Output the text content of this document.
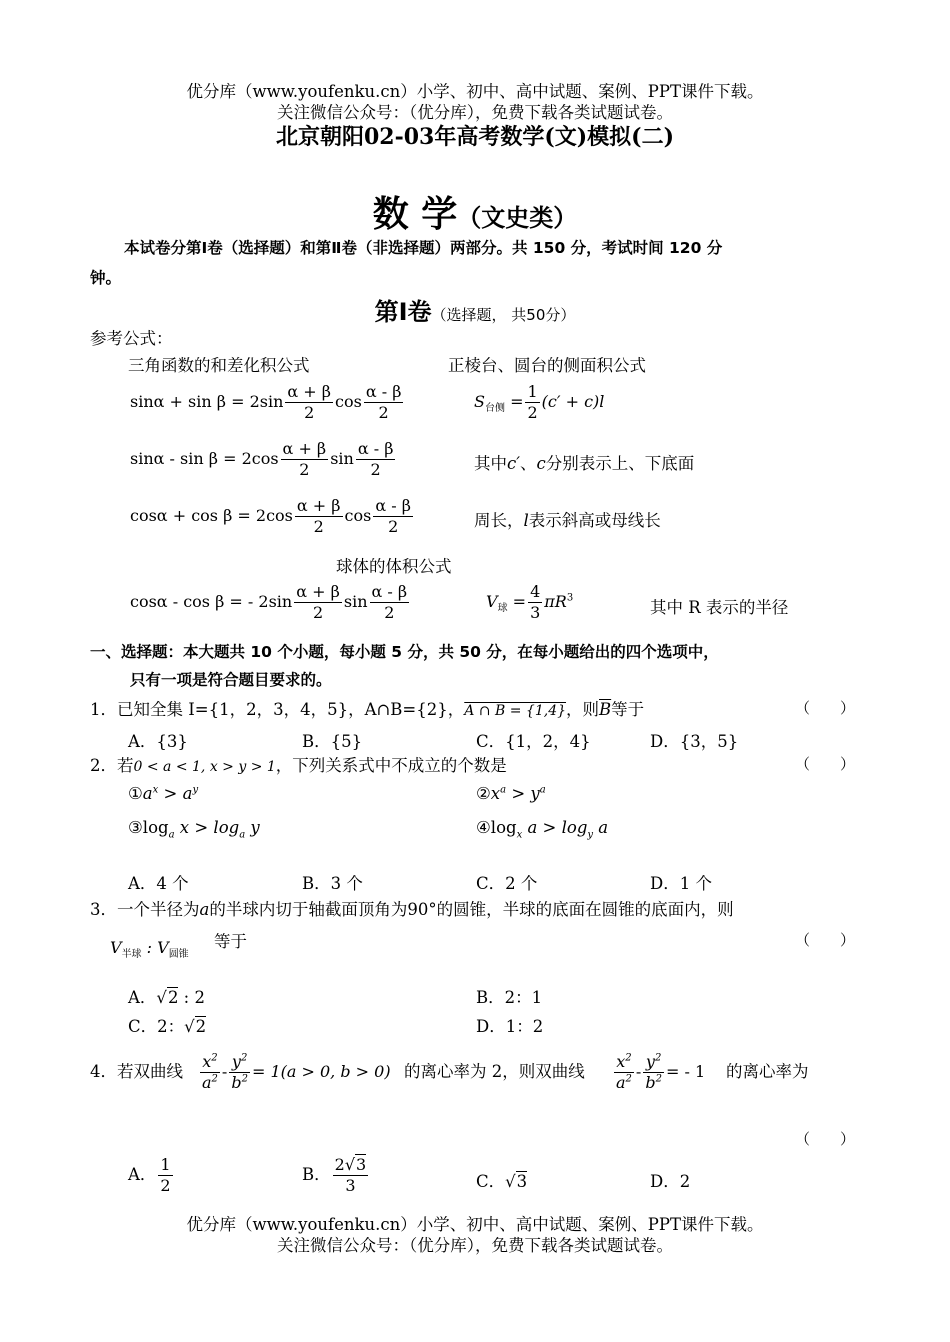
优分库（www.youfenku.cn）小学、初中、高中试题、案例、PPT课件下载。
关注微信公众号：（优分库），免费下载各类试题试卷。
北京朝阳02-03年高考数学(文)模拟(二)
数 学（文史类）
本试卷分第Ⅰ卷（选择题）和第Ⅱ卷（非选择题）两部分。共 150 分，考试时间 120 分
钟。
第Ⅰ卷（选择题， 共50分）
参考公式：
三角函数的和差化积公式	正棱台、圆台的侧面积公式
$\sin\alpha + \sin \beta = 2\sin \frac{\alpha + \beta}{2}$ $\cos \frac{\alpha - \beta}{2}$	$S_{台侧} = \frac{1}{2} (c' + c)l$
$\sin\alpha - \sin \beta = 2\cos \frac{\alpha + \beta}{2}$ $\sin \frac{\alpha - \beta}{2}$	其中c′、c分别表示上、下底面
$\cos\alpha + \cos \beta = 2\cos \frac{\alpha + \beta}{2}$ $\cos \frac{\alpha - \beta}{2}$	周长，l表示斜高或母线长
球体的体积公式
cosα - cos β = - $2\sin \frac{\alpha + \beta}{2}$ $\sin \frac{\alpha - \beta}{2}$	$V_球 = \frac{4}{3} \pi R^3$	其中 R 表示的半径
一、选择题：本大题共 10 个小题，每小题 5 分，共 50 分，在每小题给出的四个选项中，
只有一项是符合题目要求的。
1．已知全集 I={1，2，3，4，5}，A∩B={2}，A ∩ B = {1,4}，则$\overline{B}$等于	（　　）
A．{3}	B．{5}	C．{1，2，4}	D．{3，5}
2．若0 < a < 1, x > y > 1，下列关系式中不成立的个数是	（　　）
$①a^x > a^y$	$②x^a > y^a$
$③\log_a$ $x > \log_a y$	$④\log_x$ $a > \log_y a$
A．4 个	B．3 个	C．2 个	D．1 个
3．一个半径为a的半球内切于轴截面顶角为90°的圆锥，半球的底面在圆锥的底面内，则
$V_{半球}$ : $V_{圆锥}$
等于	（　　）
A．√2 : 2	B．2：1
C．2：√2	D．1：2
4．若双曲线 $\frac{x^2}{a^2} - \frac{y^2}{b^2} = 1(a > 0$, b > 0) 的离心率为 2，则双曲线 $\frac{x^2}{a^2} - \frac{y^2}{b^2}$ = - 1 的离心率为
（　　）
A． $\frac{1}{2}$	B． $\frac{2√3}{3}$	C．√3	D．2
优分库（www.youfenku.cn）小学、初中、高中试题、案例、PPT课件下载。
关注微信公众号：（优分库），免费下载各类试题试卷。
